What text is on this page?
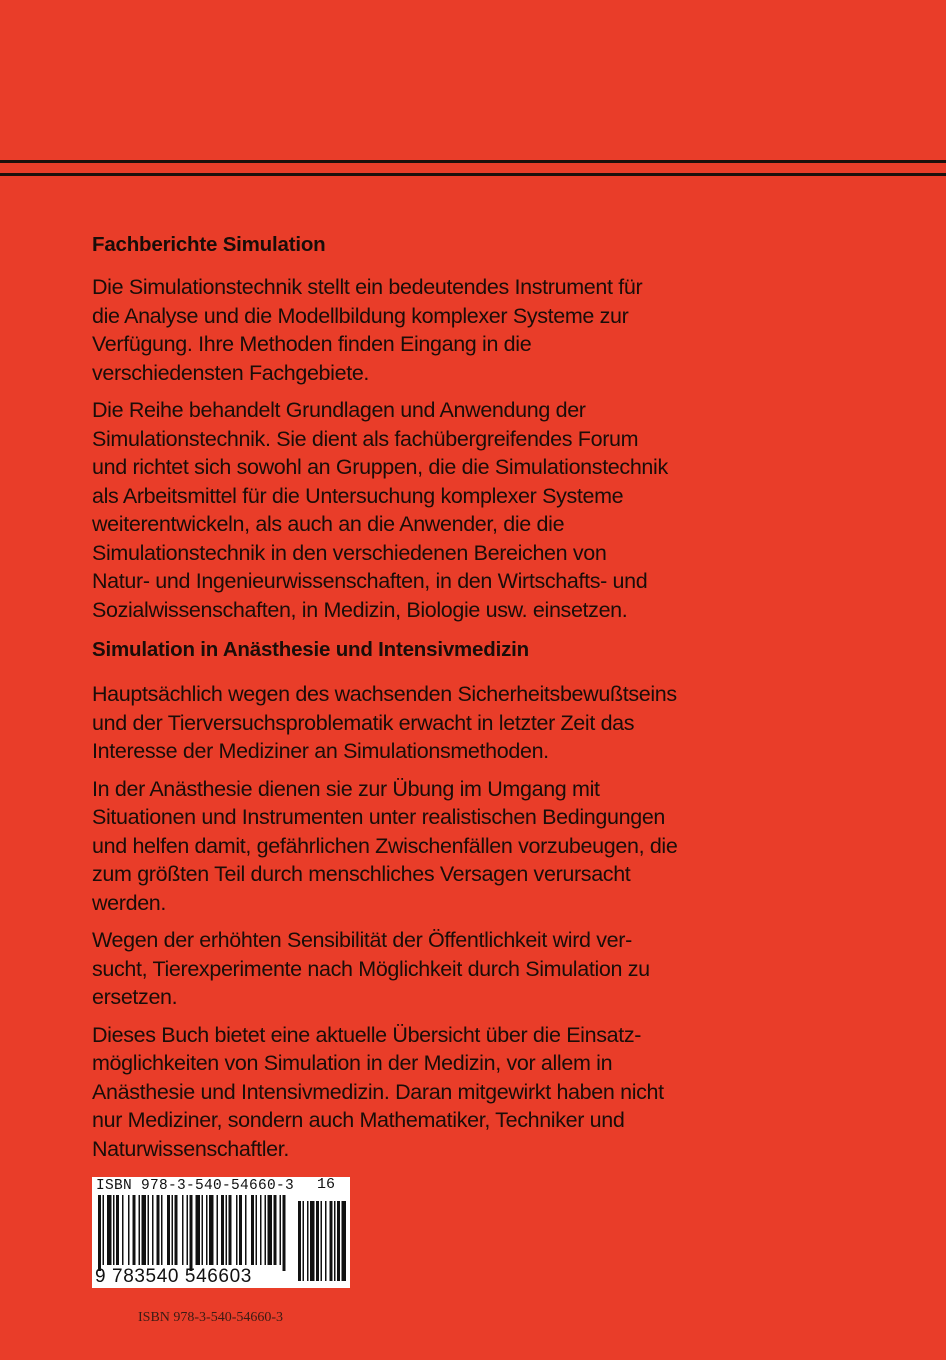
Fachberichte Simulation

Die Simulationstechnik stellt ein bedeutendes Instrument für
die Analyse und die Modellbildung komplexer Systeme zur
Verfügung. Ihre Methoden finden Eingang in die
verschiedensten Fachgebiete.

Die Reihe behandelt Grundlagen und Anwendung der
Simulationstechnik. Sie dient als fachübergreifendes Forum
und richtet sich sowohl an Gruppen, die die Simulationstechnik
als Arbeitsmittel für die Untersuchung komplexer Systeme
weiterentwickeln, als auch an die Anwender, die die
Simulationstechnik in den verschiedenen Bereichen von
Natur- und Ingenieurwissenschaften, in den Wirtschafts- und
Sozialwissenschaften, in Medizin, Biologie usw. einsetzen.

Simulation in Anästhesie und Intensivmedizin

Hauptsächlich wegen des wachsenden Sicherheitsbewußtseins
und der Tierversuchsproblematik erwacht in letzter Zeit das
Interesse der Mediziner an Simulationsmethoden.

In der Anästhesie dienen sie zur Übung im Umgang mit
Situationen und Instrumenten unter realistischen Bedingungen
und helfen damit, gefährlichen Zwischenfällen vorzubeugen, die
zum größten Teil durch menschliches Versagen verursacht
werden.

Wegen der erhöhten Sensibilität der Öffentlichkeit wird ver-
sucht, Tierexperimente nach Möglichkeit durch Simulation zu
ersetzen.

Dieses Buch bietet eine aktuelle Übersicht über die Einsatz-
möglichkeiten von Simulation in der Medizin, vor allem in
Anästhesie und Intensivmedizin. Daran mitgewirkt haben nicht
nur Mediziner, sondern auch Mathematiker, Techniker und
Naturwissenschaftler.

ISBN 978-3-540-54660-3 16
9 783540 546603
ISBN 978-3-540-54660-3
